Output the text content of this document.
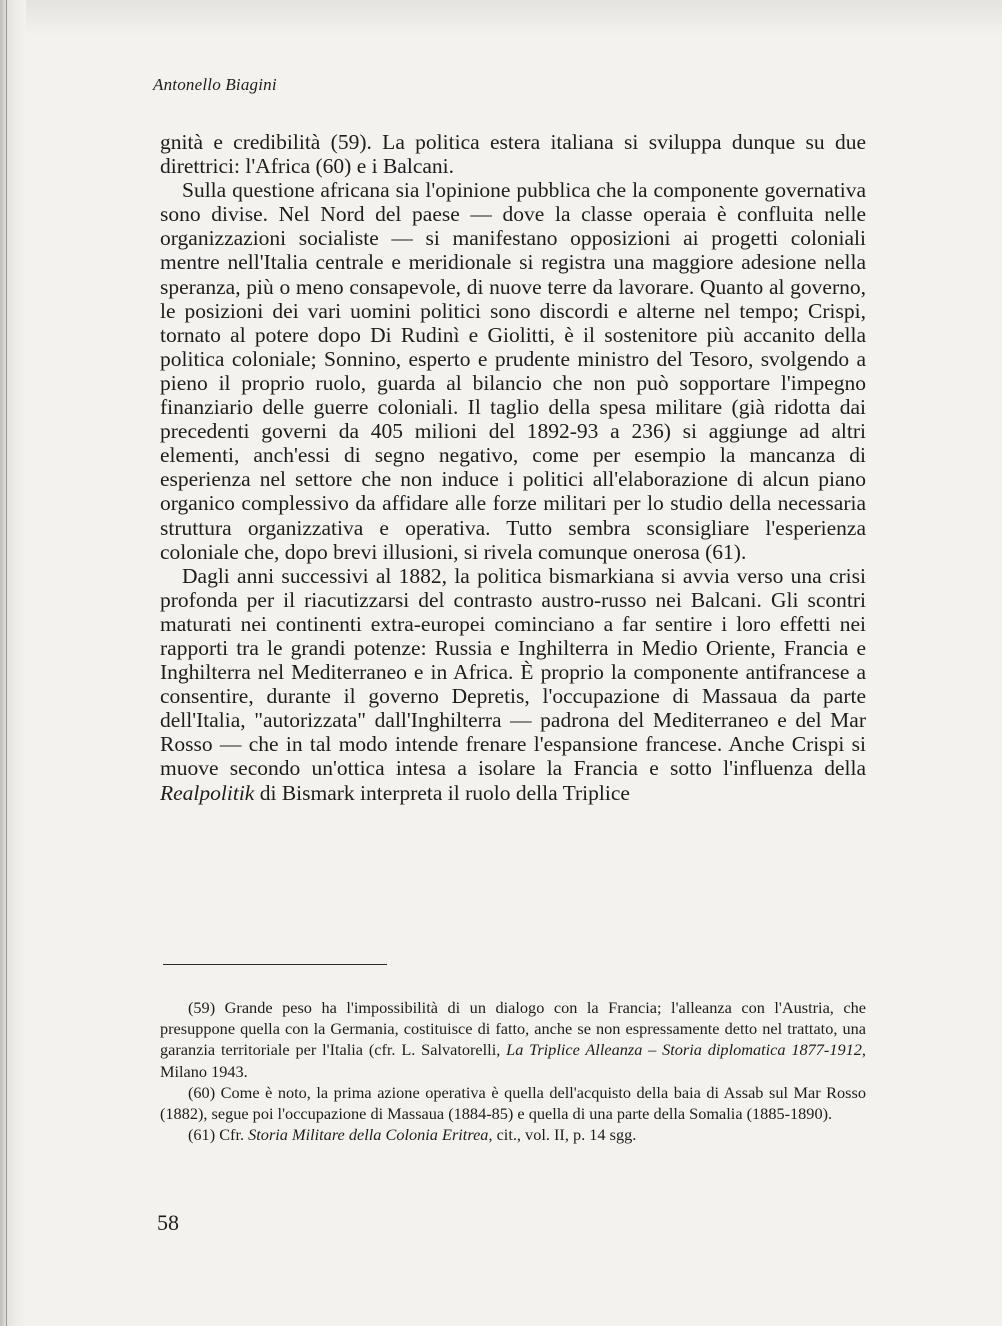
Antonello Biagini

gnità e credibilità (59). La politica estera italiana si sviluppa dunque su due direttrici: l'Africa (60) e i Balcani.

Sulla questione africana sia l'opinione pubblica che la componente governativa sono divise. Nel Nord del paese — dove la classe operaia è confluita nelle organizzazioni socialiste — si manifestano opposizioni ai progetti coloniali mentre nell'Italia centrale e meridionale si registra una maggiore adesione nella speranza, più o meno consapevole, di nuove terre da lavorare. Quanto al governo, le posizioni dei vari uomini politici sono discordi e alterne nel tempo; Crispi, tornato al potere dopo Di Rudinì e Giolitti, è il sostenitore più accanito della politica coloniale; Sonnino, esperto e prudente ministro del Tesoro, svolgendo a pieno il proprio ruolo, guarda al bilancio che non può sopportare l'impegno finanziario delle guerre coloniali. Il taglio della spesa militare (già ridotta dai precedenti governi da 405 milioni del 1892-93 a 236) si aggiunge ad altri elementi, anch'essi di segno negativo, come per esempio la mancanza di esperienza nel settore che non induce i politici all'elaborazione di alcun piano organico complessivo da affidare alle forze militari per lo studio della necessaria struttura organizzativa e operativa. Tutto sembra sconsigliare l'esperienza coloniale che, dopo brevi illusioni, si rivela comunque onerosa (61).

Dagli anni successivi al 1882, la politica bismarkiana si avvia verso una crisi profonda per il riacutizzarsi del contrasto austro-russo nei Balcani. Gli scontri maturati nei continenti extra-europei cominciano a far sentire i loro effetti nei rapporti tra le grandi potenze: Russia e Inghilterra in Medio Oriente, Francia e Inghilterra nel Mediterraneo e in Africa. È proprio la componente antifrancese a consentire, durante il governo Depretis, l'occupazione di Massaua da parte dell'Italia, "autorizzata" dall'Inghilterra — padrona del Mediterraneo e del Mar Rosso — che in tal modo intende frenare l'espansione francese. Anche Crispi si muove secondo un'ottica intesa a isolare la Francia e sotto l'influenza della Realpolitik di Bismark interpreta il ruolo della Triplice

(59) Grande peso ha l'impossibilità di un dialogo con la Francia; l'alleanza con l'Austria, che presuppone quella con la Germania, costituisce di fatto, anche se non espressamente detto nel trattato, una garanzia territoriale per l'Italia (cfr. L. Salvatorelli, La Triplice Alleanza – Storia diplomatica 1877-1912, Milano 1943.

(60) Come è noto, la prima azione operativa è quella dell'acquisto della baia di Assab sul Mar Rosso (1882), segue poi l'occupazione di Massaua (1884-85) e quella di una parte della Somalia (1885-1890).

(61) Cfr. Storia Militare della Colonia Eritrea, cit., vol. II, p. 14 sgg.

58
